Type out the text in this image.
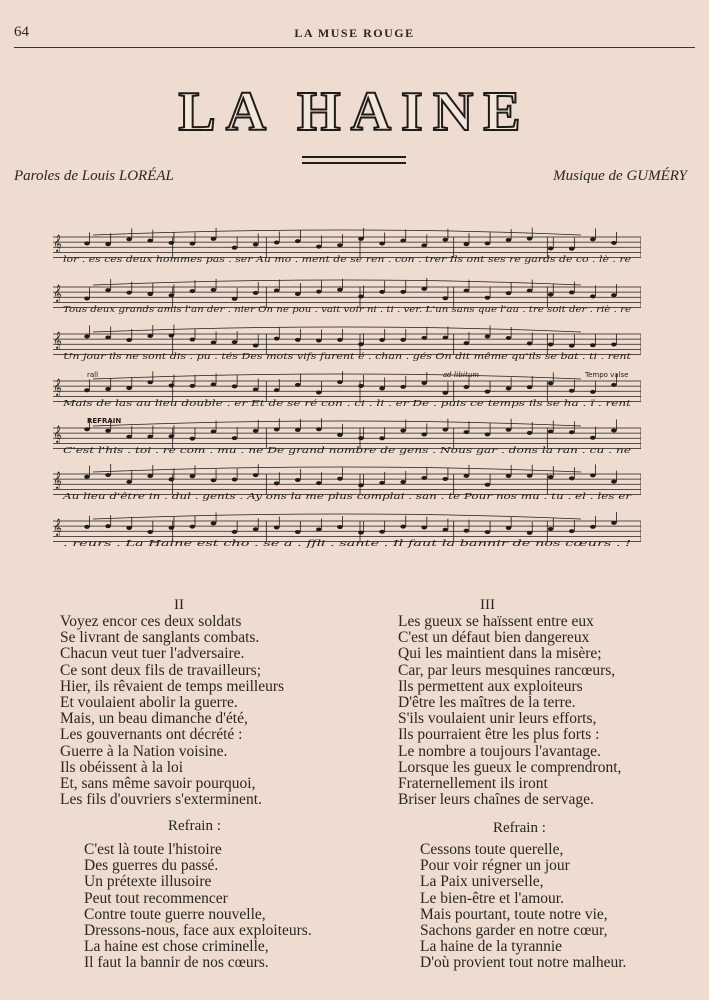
64	LA MUSE ROUGE
LA HAINE
Paroles de Louis LORÉAL	Musique de GUMÉRY
𝄞
lor . es ces deux hommes pas . ser Au mo . ment de se ren . con . trer Ils ont ses re gards de co . lè . re
𝄞
Tous deux grands amis l'an der . nier On ne pou . vait voir ni . ti . ver. L'un sans que l'au . tre soit der . riè . re
𝄞
Un jour ils ne sont dis . pu . tés Des mots vifs furent é . chan . gés On dit même qu'ils se bat . ti . rent
𝄞
Mais de las au lieu double . er Et de se ré con . ci . li . er De . puis ce temps ils se ha . ï . rent
𝄞
C'est l'his . toi . re com . mu . ne De grand nombre de gens . Nous gar . dons la ran . cu . ne
𝄞
Au lieu d'être in . dul . gents . Ay ons la me plus complai . san . te Pour nos mu . tu . el . les er
𝄞
. reurs . La Haine est cho . se a . ffli . sante . Il faut la bannir de nos cœurs . !
REFRAIN
rall	ad libitum	Tempo valse
II
Voyez encor ces deux soldats
Se livrant de sanglants combats.
Chacun veut tuer l'adversaire.
Ce sont deux fils de travailleurs;
Hier, ils rêvaient de temps meilleurs
Et voulaient abolir la guerre.
Mais, un beau dimanche d'été,
Les gouvernants ont décrété :
Guerre à la Nation voisine.
Ils obéissent à la loi
Et, sans même savoir pourquoi,
Les fils d'ouvriers s'exterminent.
III
Les gueux se haïssent entre eux
C'est un défaut bien dangereux
Qui les maintient dans la misère;
Car, par leurs mesquines rancœurs,
Ils permettent aux exploiteurs
D'être les maîtres de la terre.
S'ils voulaient unir leurs efforts,
Ils pourraient être les plus forts :
Le nombre a toujours l'avantage.
Lorsque les gueux le comprendront,
Fraternellement ils iront
Briser leurs chaînes de servage.
Refrain :
C'est là toute l'histoire
Des guerres du passé.
Un prétexte illusoire
Peut tout recommencer
Contre toute guerre nouvelle,
Dressons-nous, face aux exploiteurs.
La haine est chose criminelle,
Il faut la bannir de nos cœurs.
Refrain :
Cessons toute querelle,
Pour voir régner un jour
La Paix universelle,
Le bien-être et l'amour.
Mais pourtant, toute notre vie,
Sachons garder en notre cœur,
La haine de la tyrannie
D'où provient tout notre malheur.
